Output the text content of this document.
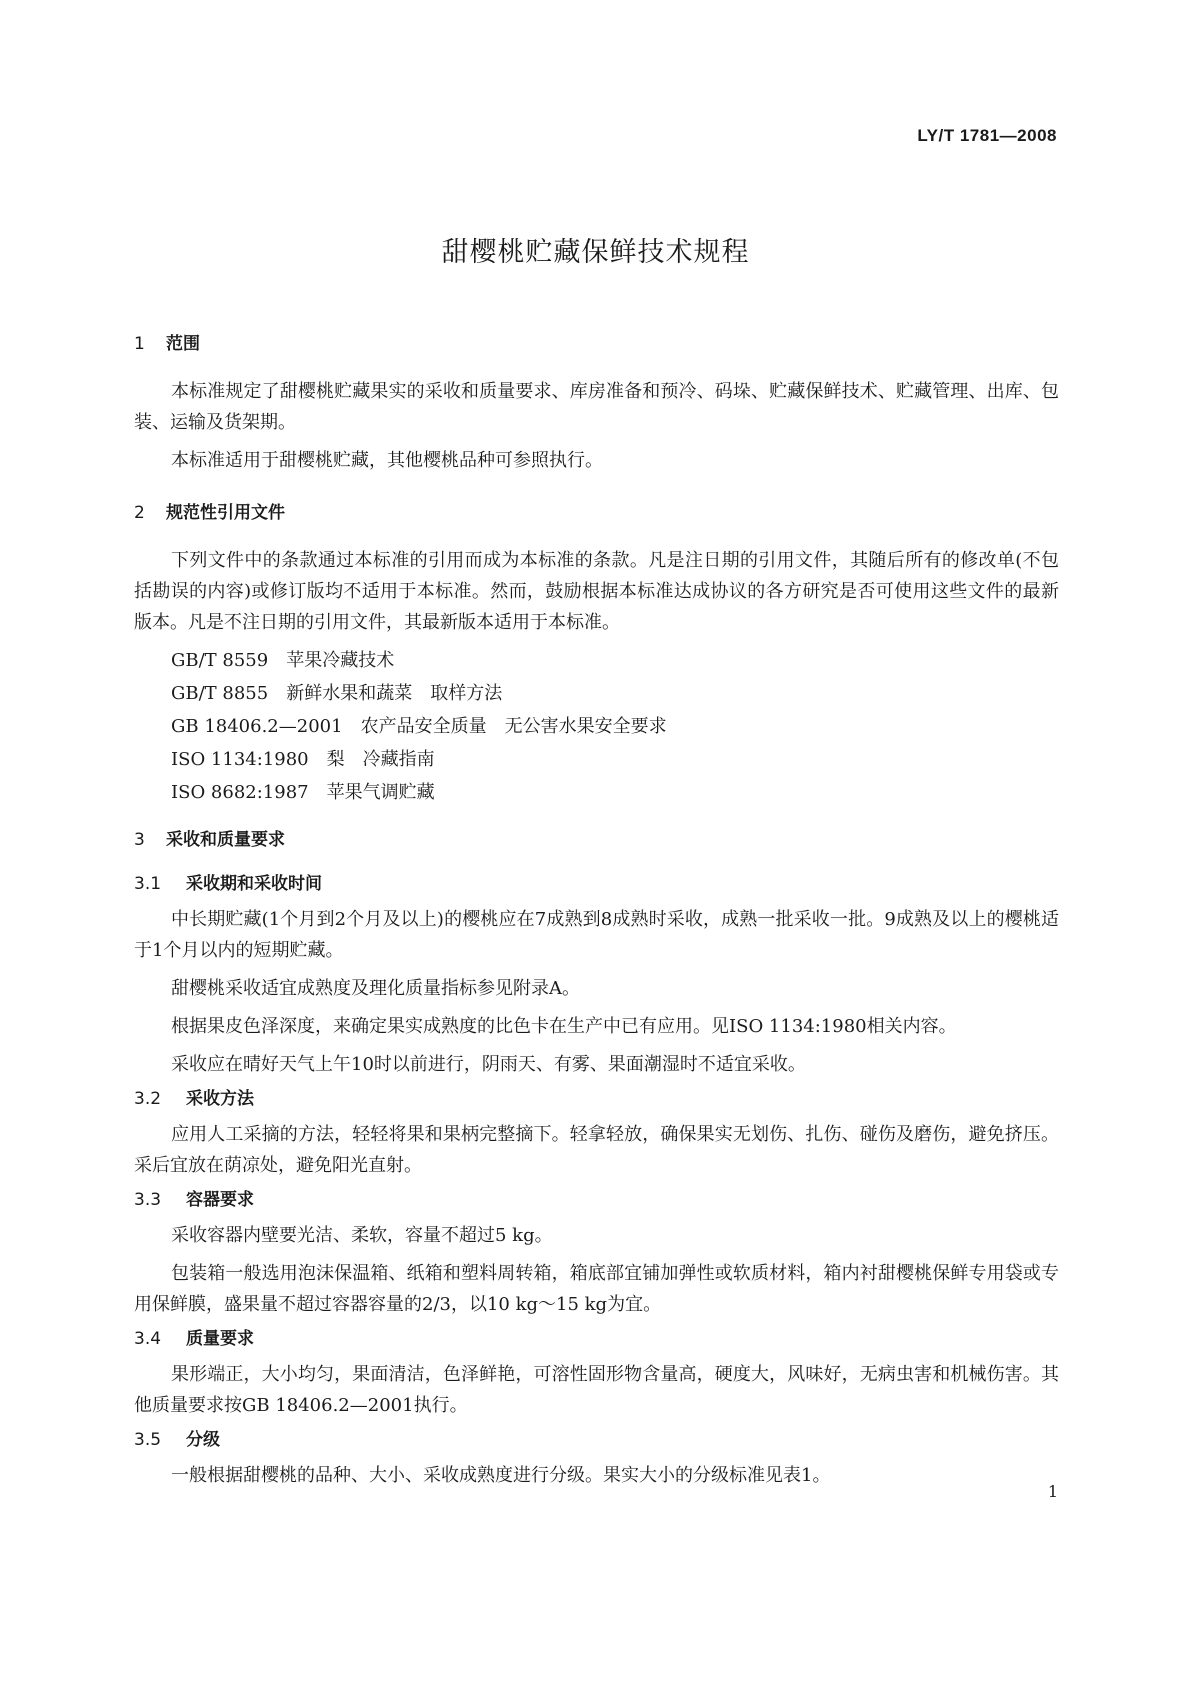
LY/T 1781—2008
甜樱桃贮藏保鲜技术规程
1 范围

本标准规定了甜樱桃贮藏果实的采收和质量要求、库房准备和预冷、码垛、贮藏保鲜技术、贮藏管理、出库、包装、运输及货架期。

本标准适用于甜樱桃贮藏，其他樱桃品种可参照执行。

2 规范性引用文件

下列文件中的条款通过本标准的引用而成为本标准的条款。凡是注日期的引用文件，其随后所有的修改单(不包括勘误的内容)或修订版均不适用于本标准。然而，鼓励根据本标准达成协议的各方研究是否可使用这些文件的最新版本。凡是不注日期的引用文件，其最新版本适用于本标准。

GB/T 8559 苹果冷藏技术
GB/T 8855 新鲜水果和蔬菜　取样方法
GB 18406.2—2001 农产品安全质量　无公害水果安全要求
ISO 1134:1980 梨　冷藏指南
ISO 8682:1987 苹果气调贮藏
3 采收和质量要求
3.1 采收期和采收时间

中长期贮藏(1个月到2个月及以上)的樱桃应在7成熟到8成熟时采收，成熟一批采收一批。9成熟及以上的樱桃适于1个月以内的短期贮藏。

甜樱桃采收适宜成熟度及理化质量指标参见附录A。

根据果皮色泽深度，来确定果实成熟度的比色卡在生产中已有应用。见ISO 1134:1980相关内容。

采收应在晴好天气上午10时以前进行，阴雨天、有雾、果面潮湿时不适宜采收。

3.2 采收方法

应用人工采摘的方法，轻轻将果和果柄完整摘下。轻拿轻放，确保果实无划伤、扎伤、碰伤及磨伤，避免挤压。采后宜放在荫凉处，避免阳光直射。

3.3 容器要求

采收容器内壁要光洁、柔软，容量不超过5 kg。

包装箱一般选用泡沫保温箱、纸箱和塑料周转箱，箱底部宜铺加弹性或软质材料，箱内衬甜樱桃保鲜专用袋或专用保鲜膜，盛果量不超过容器容量的2/3，以10 kg～15 kg为宜。

3.4 质量要求

果形端正，大小均匀，果面清洁，色泽鲜艳，可溶性固形物含量高，硬度大，风味好，无病虫害和机械伤害。其他质量要求按GB 18406.2—2001执行。

3.5 分级

一般根据甜樱桃的品种、大小、采收成熟度进行分级。果实大小的分级标准见表1。

1
